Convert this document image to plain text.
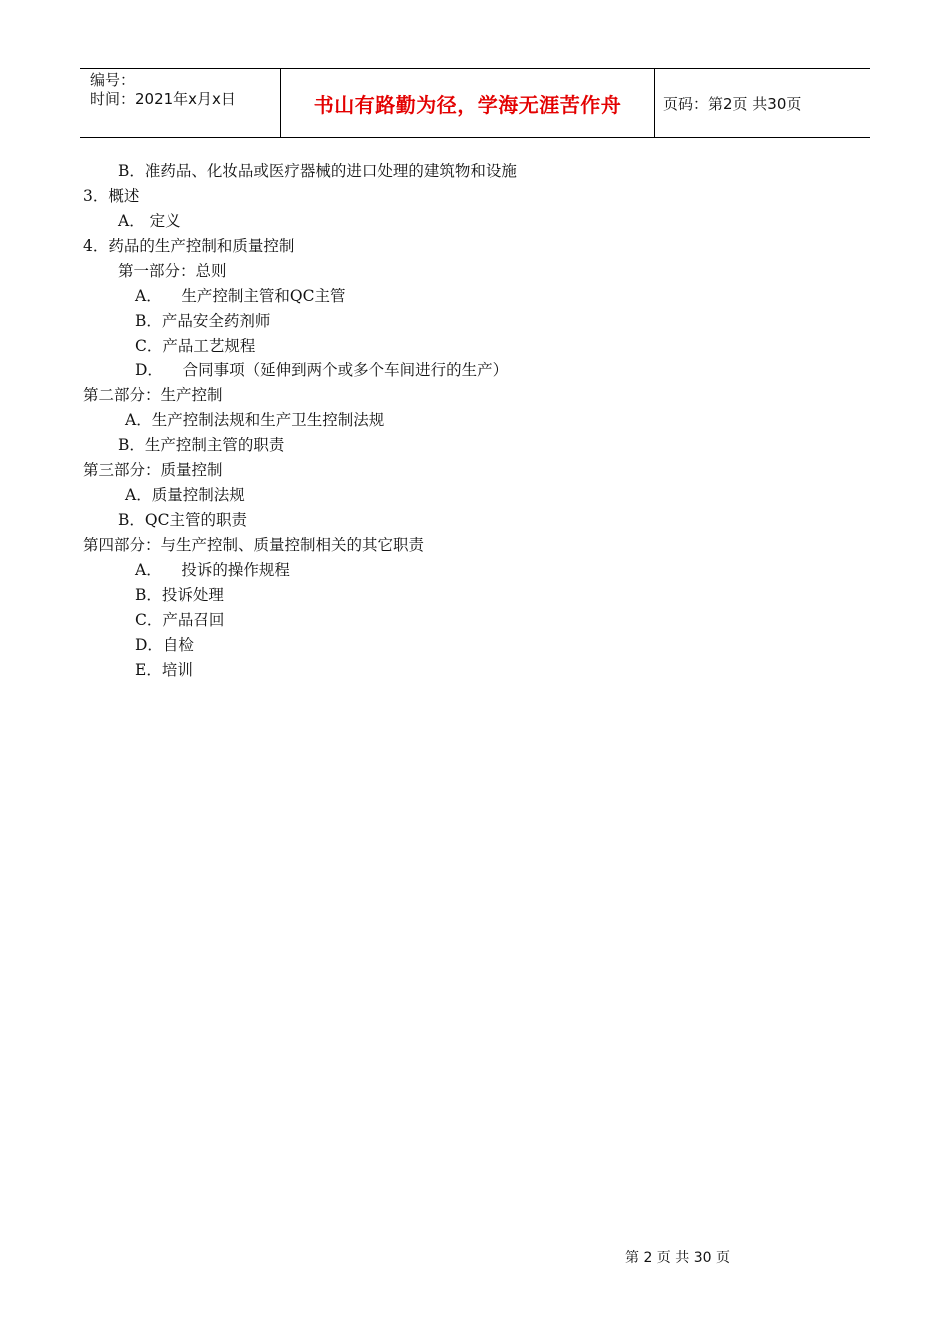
编号：
时间：2021年x月x日	书山有路勤为径，学海无涯苦作舟	页码：第2页 共30页
B．准药品、化妆品或医疗器械的进口处理的建筑物和设施
3．概述
A． 定义
4．药品的生产控制和质量控制
第一部分：总则
A．    生产控制主管和QC主管
B．产品安全药剂师
C．产品工艺规程
D．    合同事项（延伸到两个或多个车间进行的生产）
第二部分：生产控制
A．生产控制法规和生产卫生控制法规
B．生产控制主管的职责
第三部分：质量控制
A．质量控制法规
B．QC主管的职责
第四部分：与生产控制、质量控制相关的其它职责
A．    投诉的操作规程
B．投诉处理
C．产品召回
D．自检
E．培训
第 2 页 共 30 页
